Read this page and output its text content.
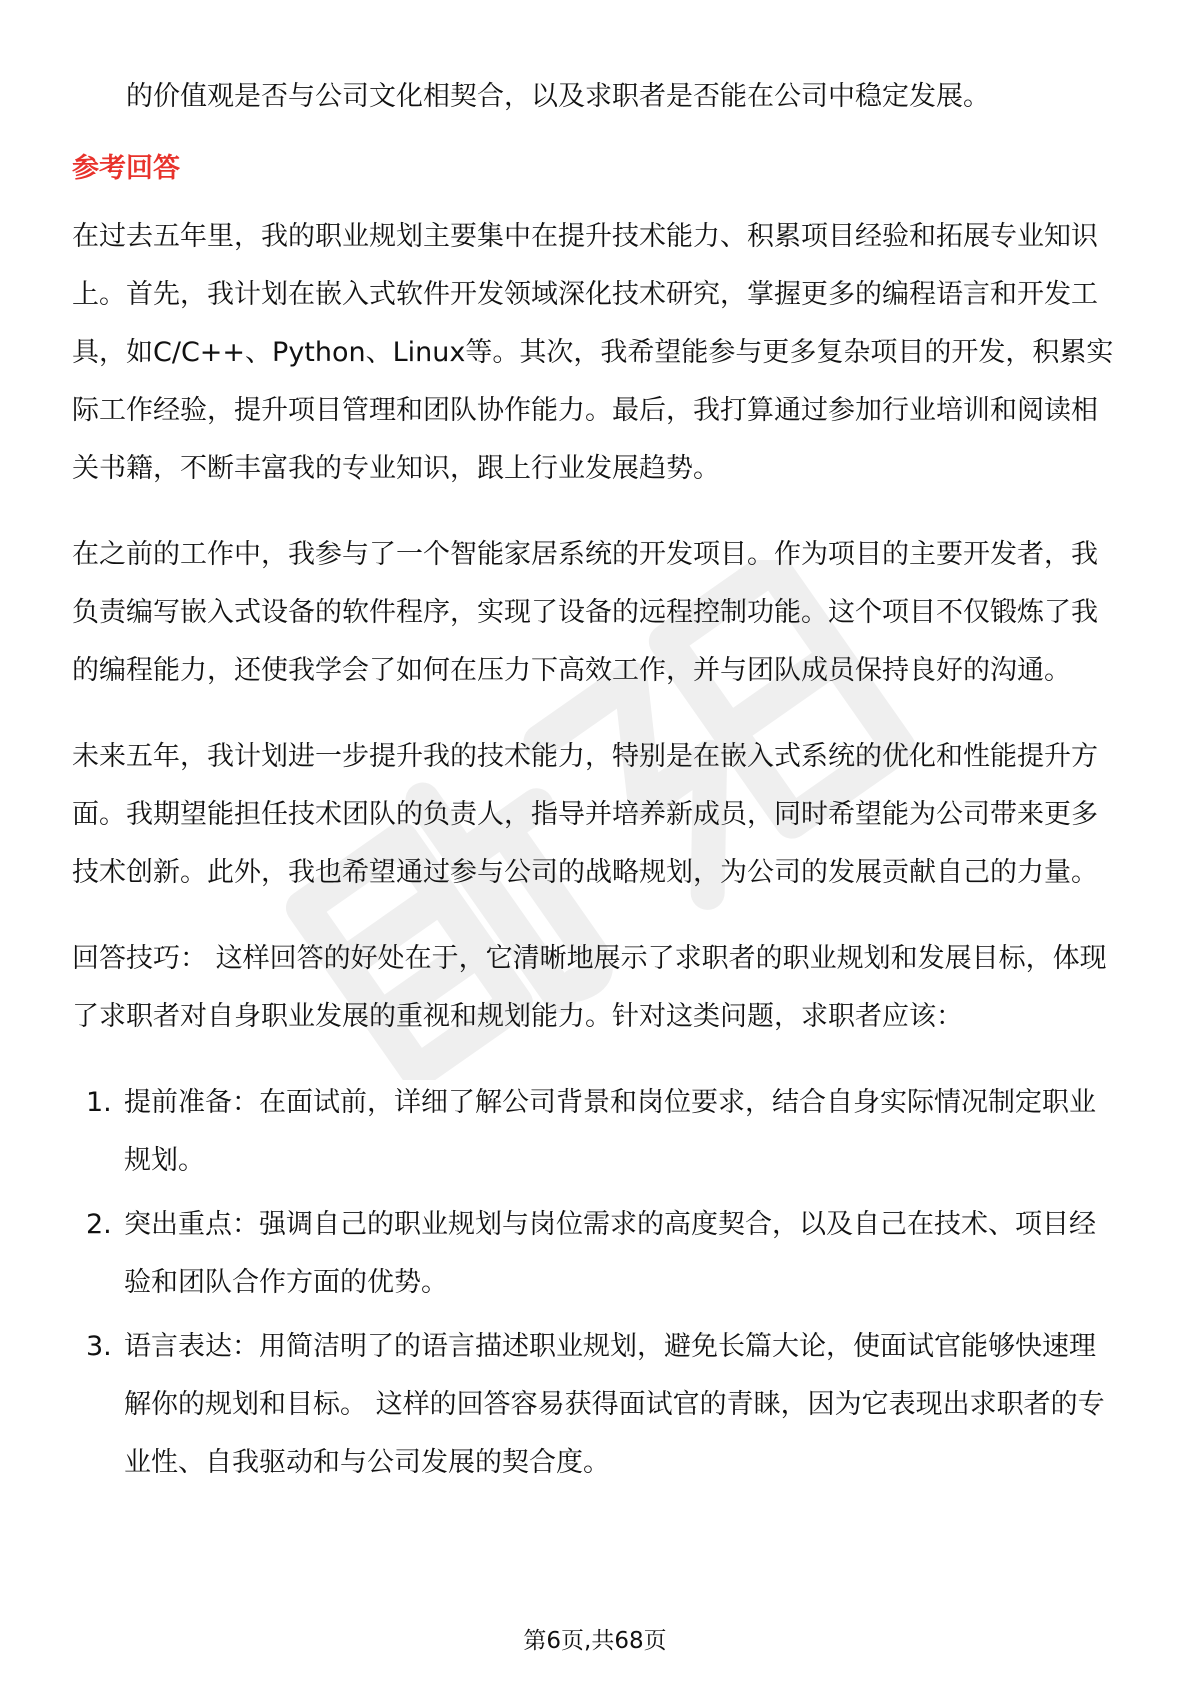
的价值观是否与公司文化相契合，以及求职者是否能在公司中稳定发展。

参考回答

在过去五年里，我的职业规划主要集中在提升技术能力、积累项目经验和拓展专业知识上。首先，我计划在嵌入式软件开发领域深化技术研究，掌握更多的编程语言和开发工具，如C/C++、Python、Linux等。其次，我希望能参与更多复杂项目的开发，积累实际工作经验，提升项目管理和团队协作能力。最后，我打算通过参加行业培训和阅读相关书籍，不断丰富我的专业知识，跟上行业发展趋势。

在之前的工作中，我参与了一个智能家居系统的开发项目。作为项目的主要开发者，我负责编写嵌入式设备的软件程序，实现了设备的远程控制功能。这个项目不仅锻炼了我的编程能力，还使我学会了如何在压力下高效工作，并与团队成员保持良好的沟通。

未来五年，我计划进一步提升我的技术能力，特别是在嵌入式系统的优化和性能提升方面。我期望能担任技术团队的负责人，指导并培养新成员，同时希望能为公司带来更多技术创新。此外，我也希望通过参与公司的战略规划，为公司的发展贡献自己的力量。

回答技巧： 这样回答的好处在于，它清晰地展示了求职者的职业规划和发展目标，体现了求职者对自身职业发展的重视和规划能力。针对这类问题，求职者应该：

1. 提前准备：在面试前，详细了解公司背景和岗位要求，结合自身实际情况制定职业规划。
2. 突出重点：强调自己的职业规划与岗位需求的高度契合，以及自己在技术、项目经验和团队合作方面的优势。
3. 语言表达：用简洁明了的语言描述职业规划，避免长篇大论，使面试官能够快速理解你的规划和目标。 这样的回答容易获得面试官的青睐，因为它表现出求职者的专业性、自我驱动和与公司发展的契合度。
第6页,共68页
